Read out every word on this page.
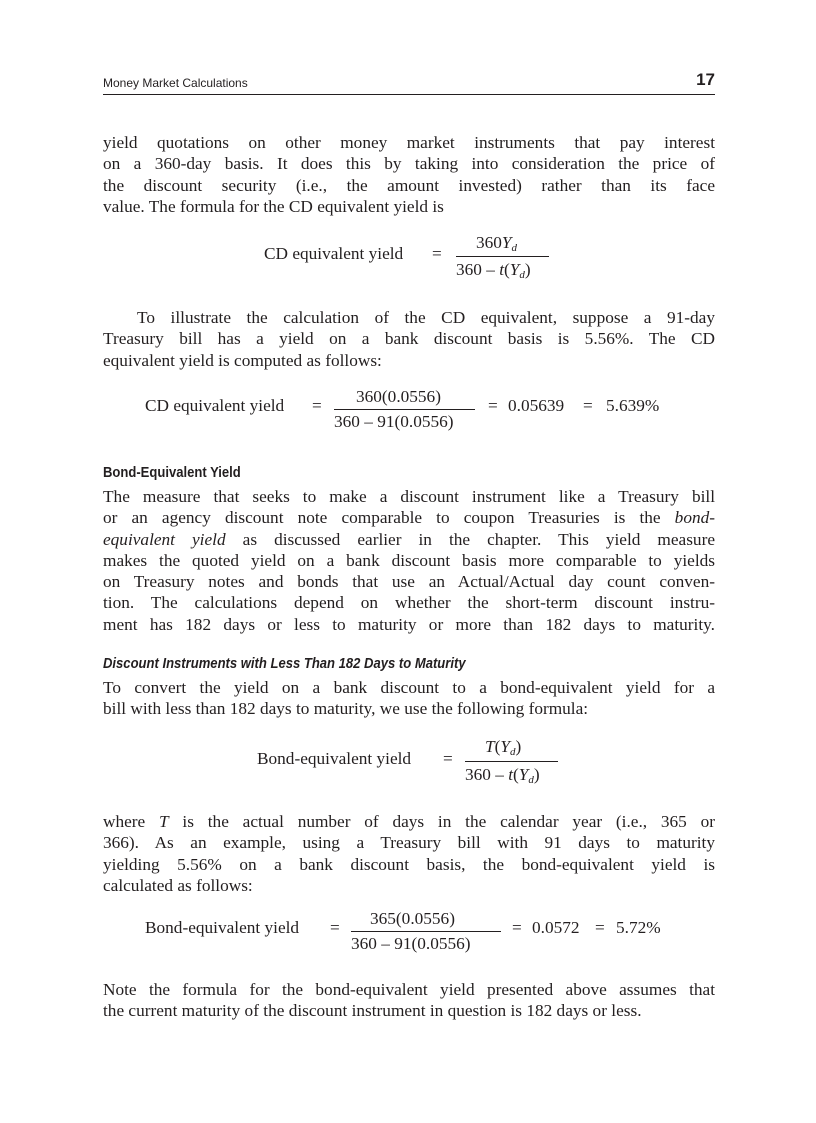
Money Market Calculations	17
yield quotations on other money market instruments that pay interest
on a 360-day basis. It does this by taking into consideration the price of
the discount security (i.e., the amount invested) rather than its face
value. The formula for the CD equivalent yield is
CD equivalent yield =
$360Y_d$
$360 - t(Y_d)$
To illustrate the calculation of the CD equivalent, suppose a 91-day
Treasury bill has a yield on a bank discount basis is 5.56%. The CD
equivalent yield is computed as follows:
CD equivalent yield = 360(0.0556)
360 – 91(0.0556)
= 0.05639 = 5.639%
Bond-Equivalent Yield
The measure that seeks to make a discount instrument like a Treasury bill
or an agency discount note comparable to coupon Treasuries is the bond-
equivalent yield as discussed earlier in the chapter. This yield measure
makes the quoted yield on a bank discount basis more comparable to yields
on Treasury notes and bonds that use an Actual/Actual day count conven-
tion. The calculations depend on whether the short-term discount instru-
ment has 182 days or less to maturity or more than 182 days to maturity.
Discount Instruments with Less Than 182 Days to Maturity
To convert the yield on a bank discount to a bond-equivalent yield for a
bill with less than 182 days to maturity, we use the following formula:
Bond-equivalent yield =
$T(Y_d)$
$360 - t(Y_d)$
where T is the actual number of days in the calendar year (i.e., 365 or
366). As an example, using a Treasury bill with 91 days to maturity
yielding 5.56% on a bank discount basis, the bond-equivalent yield is
calculated as follows:
Bond-equivalent yield = 365(0.0556)
360 – 91(0.0556)
= 0.0572 = 5.72%
Note the formula for the bond-equivalent yield presented above assumes that
the current maturity of the discount instrument in question is 182 days or less.
